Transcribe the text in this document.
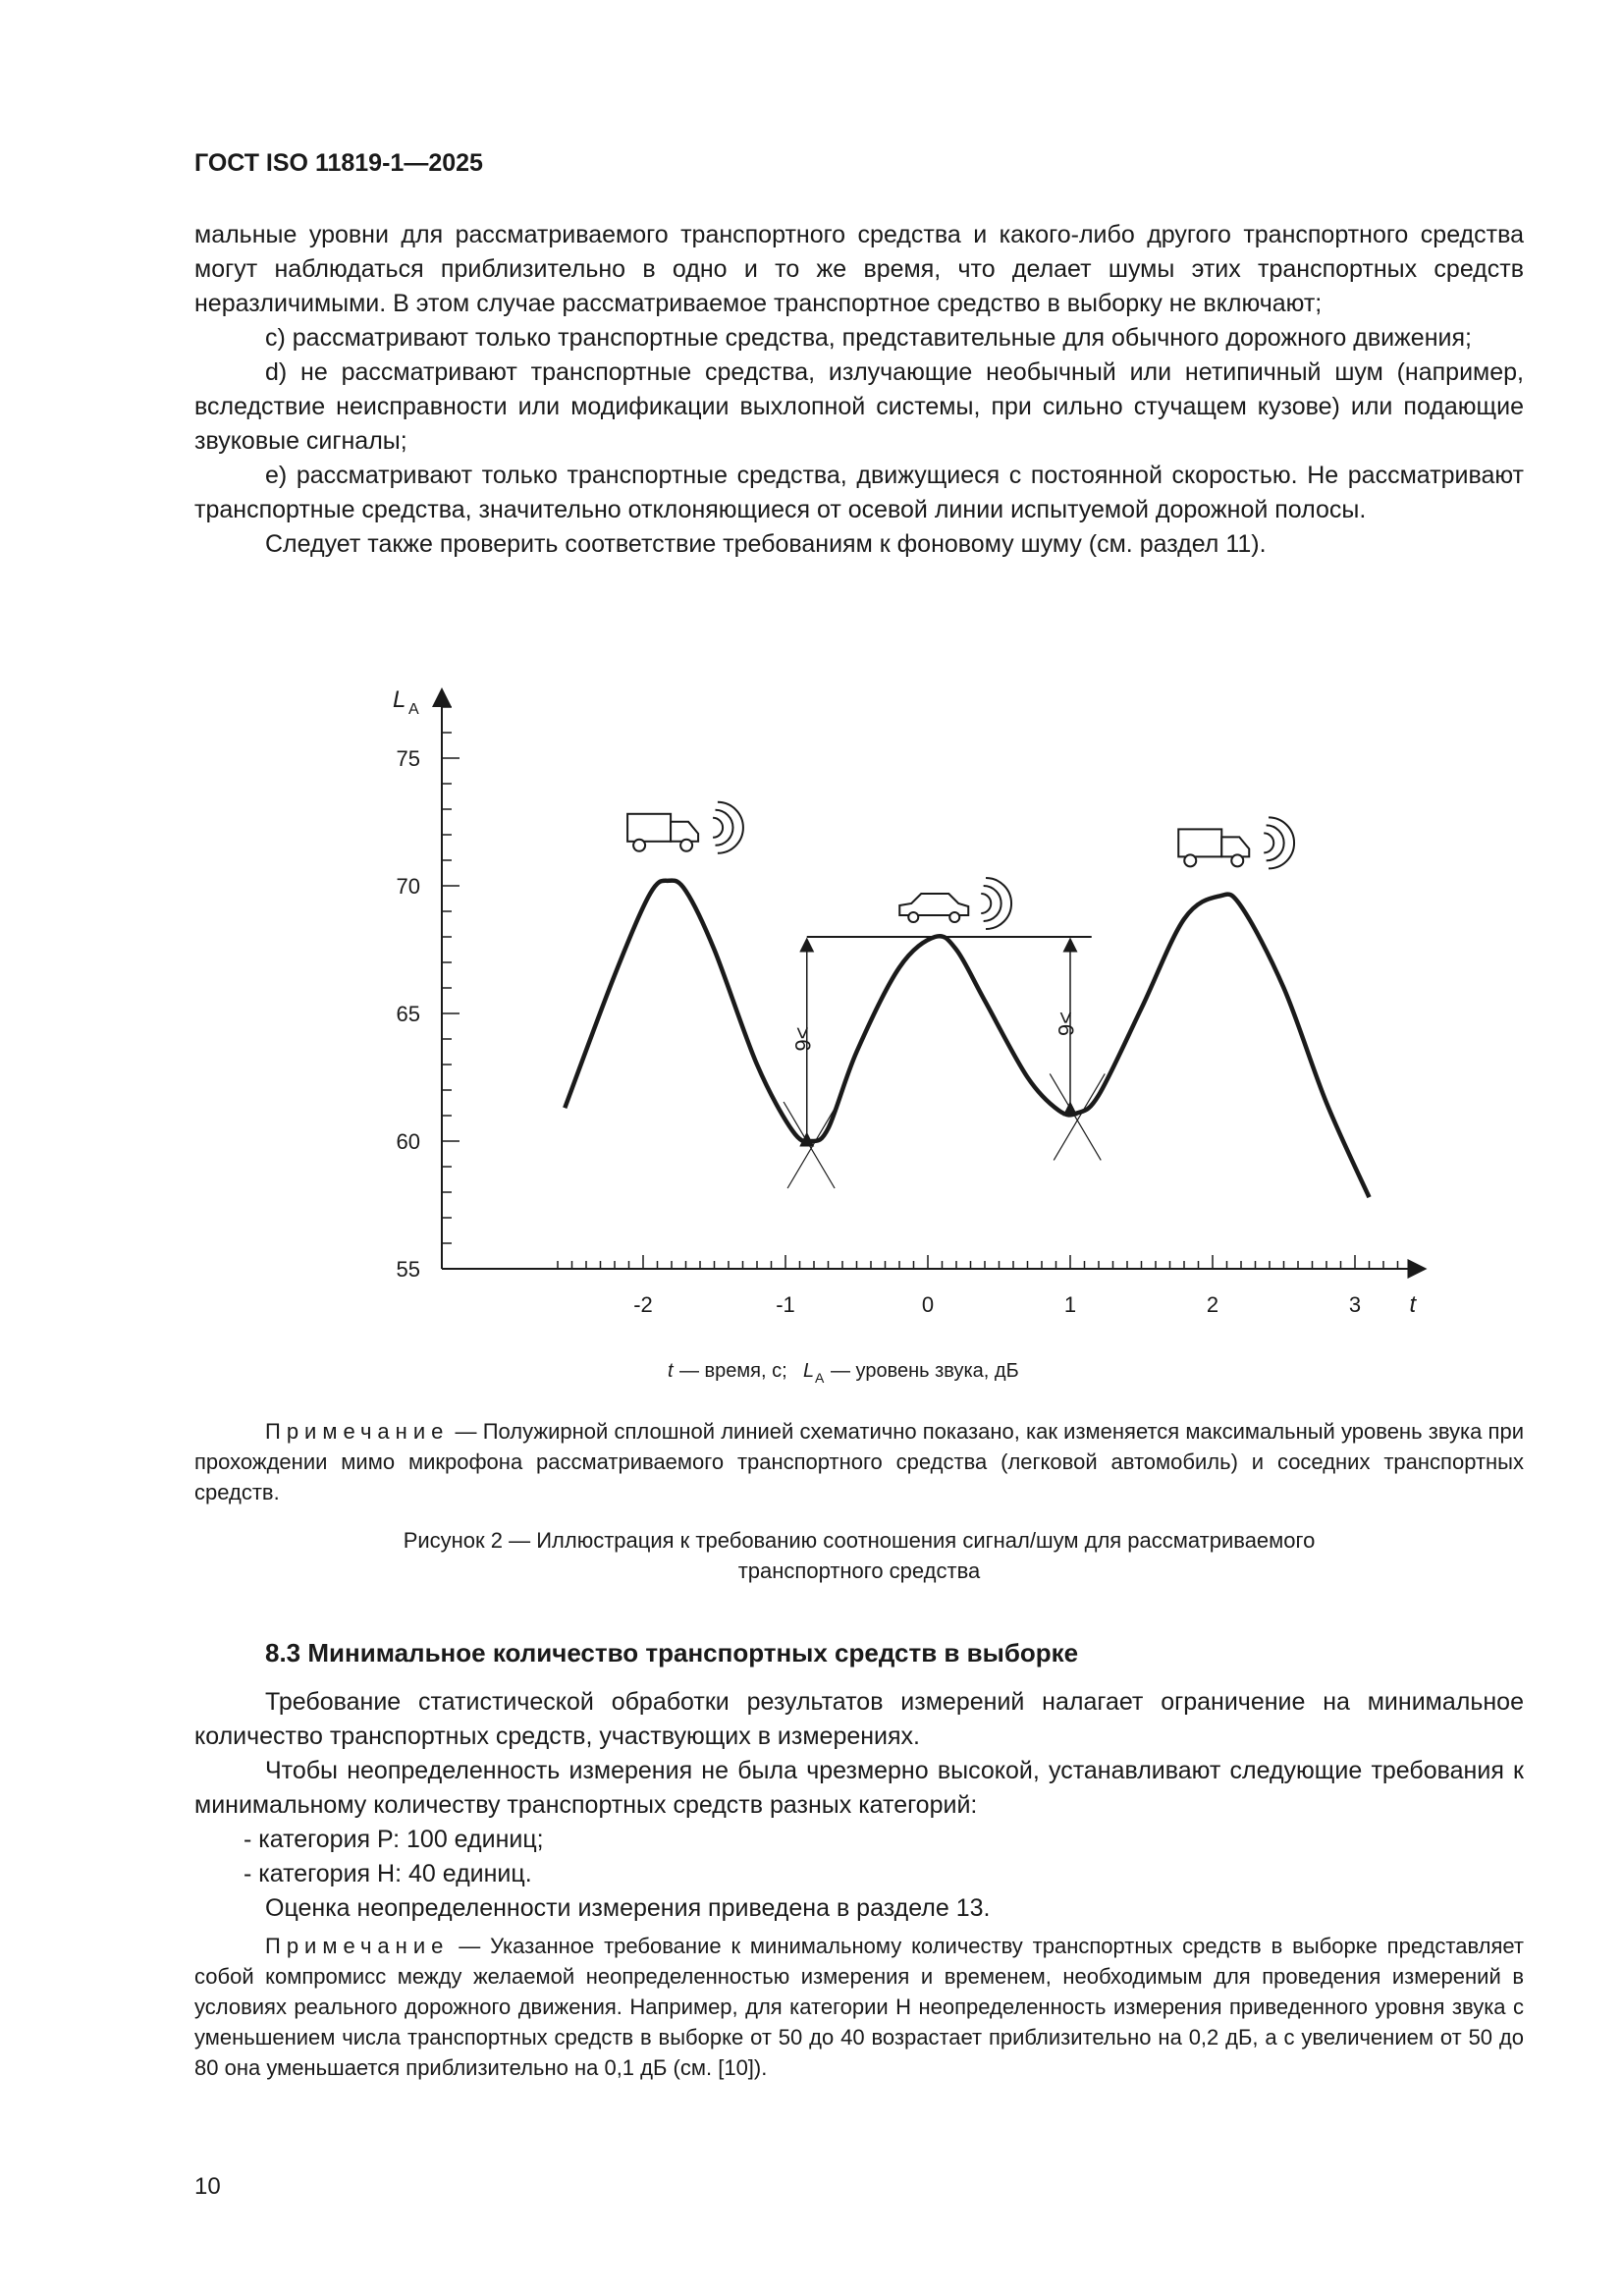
ГОСТ ISO 11819-1—2025

мальные уровни для рассматриваемого транспортного средства и какого-либо другого транспортного средства могут наблюдаться приблизительно в одно и то же время, что делает шумы этих транспортных средств неразличимыми. В этом случае рассматриваемое транспортное средство в выборку не включают;

c) рассматривают только транспортные средства, представительные для обычного дорожного движения;

d) не рассматривают транспортные средства, излучающие необычный или нетипичный шум (например, вследствие неисправности или модификации выхлопной системы, при сильно стучащем кузове) или подающие звуковые сигналы;

e) рассматривают только транспортные средства, движущиеся с постоянной скоростью. Не рассматривают транспортные средства, значительно отклоняющиеся от осевой линии испытуемой дорожной полосы.

Следует также проверить соответствие требованиям к фоновому шуму (см. раздел 11).

55
60
65
70
75
-2	-1	0	1	2	3
L A
t
>6
>6
t — время, с; L A — уровень звука, дБ

Примечание — Полужирной сплошной линией схематично показано, как изменяется максимальный уровень звука при прохождении мимо микрофона рассматриваемого транспортного средства (легковой автомобиль) и соседних транспортных средств.

Рисунок 2 — Иллюстрация к требованию соотношения сигнал/шум для рассматриваемого
транспортного средства
8.3 Минимальное количество транспортных средств в выборке

Требование статистической обработки результатов измерений налагает ограничение на минимальное количество транспортных средств, участвующих в измерениях.

Чтобы неопределенность измерения не была чрезмерно высокой, устанавливают следующие требования к минимальному количеству транспортных средств разных категорий:

- категория Р: 100 единиц;

- категория Н: 40 единиц.

Оценка неопределенности измерения приведена в разделе 13.

Примечание — Указанное требование к минимальному количеству транспортных средств в выборке представляет собой компромисс между желаемой неопределенностью измерения и временем, необходимым для проведения измерений в условиях реального дорожного движения. Например, для категории Н неопределенность измерения приведенного уровня звука с уменьшением числа транспортных средств в выборке от 50 до 40 возрастает приблизительно на 0,2 дБ, а с увеличением от 50 до 80 она уменьшается приблизительно на 0,1 дБ (см. [10]).

10
